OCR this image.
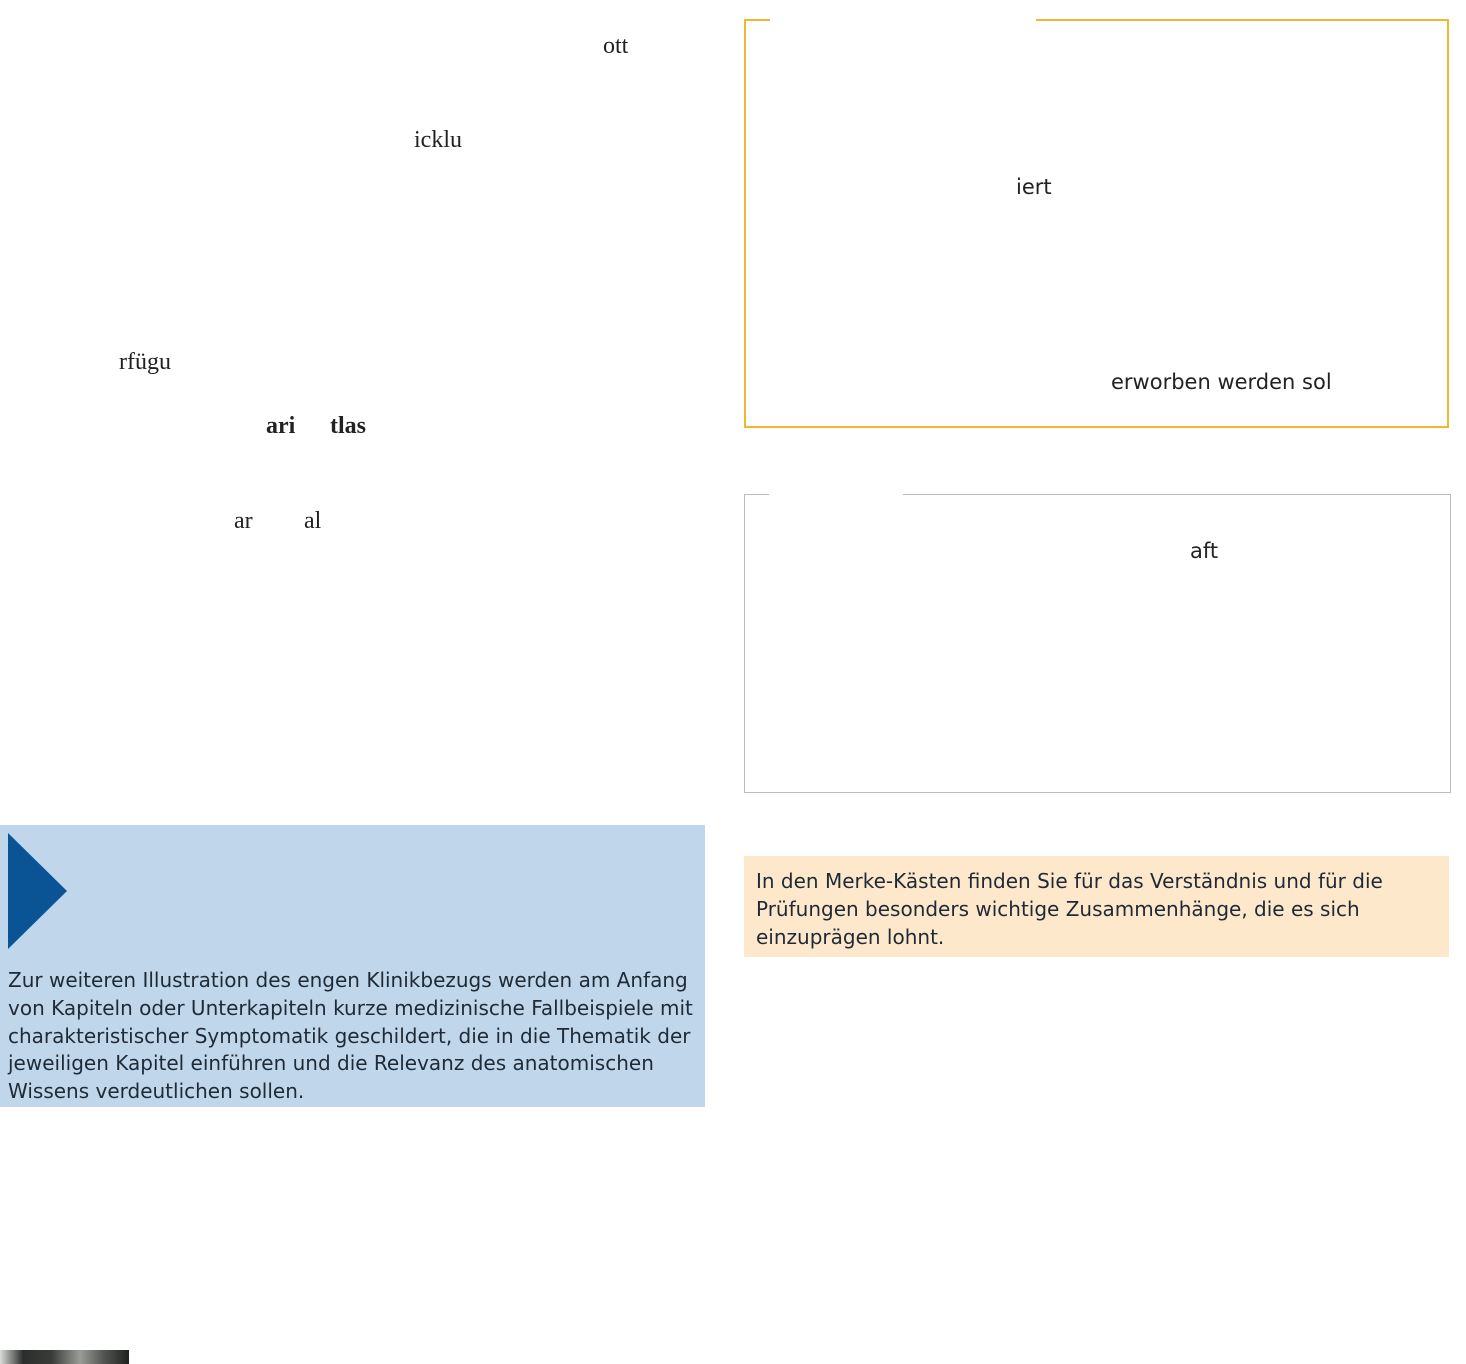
ott
icklu
rfügu
ari tlas
ar al
iert
erworben werden sol
aft

Zur weiteren Illustration des engen Klinikbezugs werden am Anfang von Kapiteln oder Unterkapiteln kurze medizinische Fallbeispiele mit charakteristischer Symptomatik geschildert, die in die Thematik der jeweiligen Kapitel einführen und die Relevanz des anatomischen Wissens verdeutlichen sollen.

In den Merke-Kästen finden Sie für das Verständnis und für die Prüfungen besonders wichtige Zusammenhänge, die es sich einzuprägen lohnt.
